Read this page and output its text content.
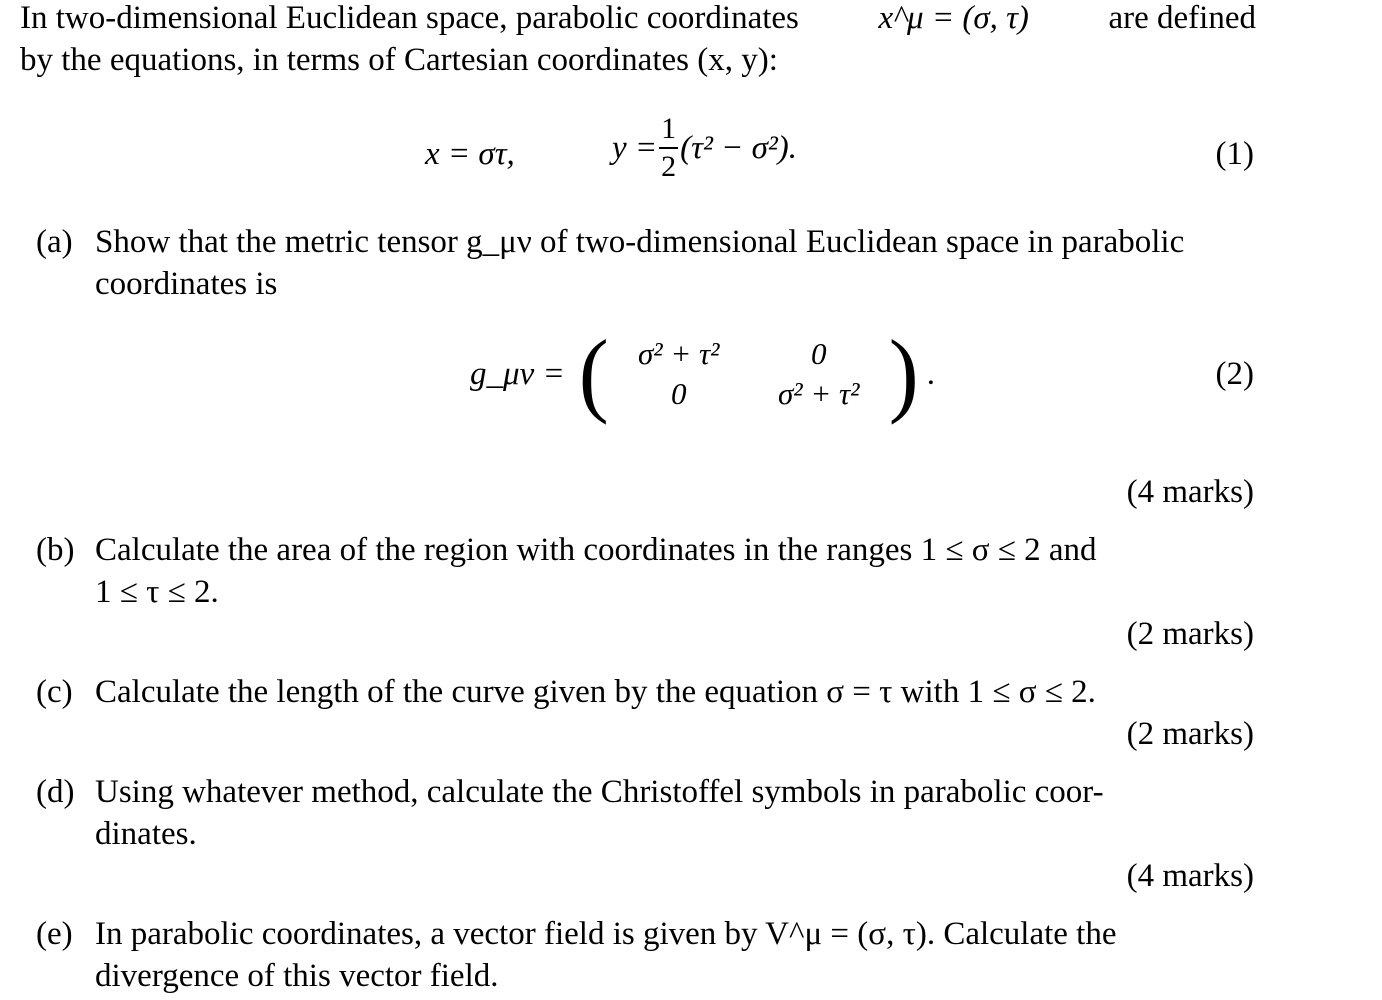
In two-dimensional Euclidean space, parabolic coordinates x^μ = (σ, τ) are defined
by the equations, in terms of Cartesian coordinates (x, y):
x = στ,	$y = \frac{1}{2} (\tau^2 - \sigma^2)$.	(1)
(a) Show that the metric tensor g_μν of two-dimensional Euclidean space in parabolic
coordinates is
g_μν = ( σ² + τ²	0
0	σ² + τ² ) .	(2)
(4 marks)
(b) Calculate the area of the region with coordinates in the ranges 1 ≤ σ ≤ 2 and
1 ≤ τ ≤ 2.
(2 marks)
(c) Calculate the length of the curve given by the equation σ = τ with 1 ≤ σ ≤ 2.
(2 marks)
(d) Using whatever method, calculate the Christoffel symbols in parabolic coor-
dinates.
(4 marks)
(e) In parabolic coordinates, a vector field is given by V^μ = (σ, τ). Calculate the
divergence of this vector field.
